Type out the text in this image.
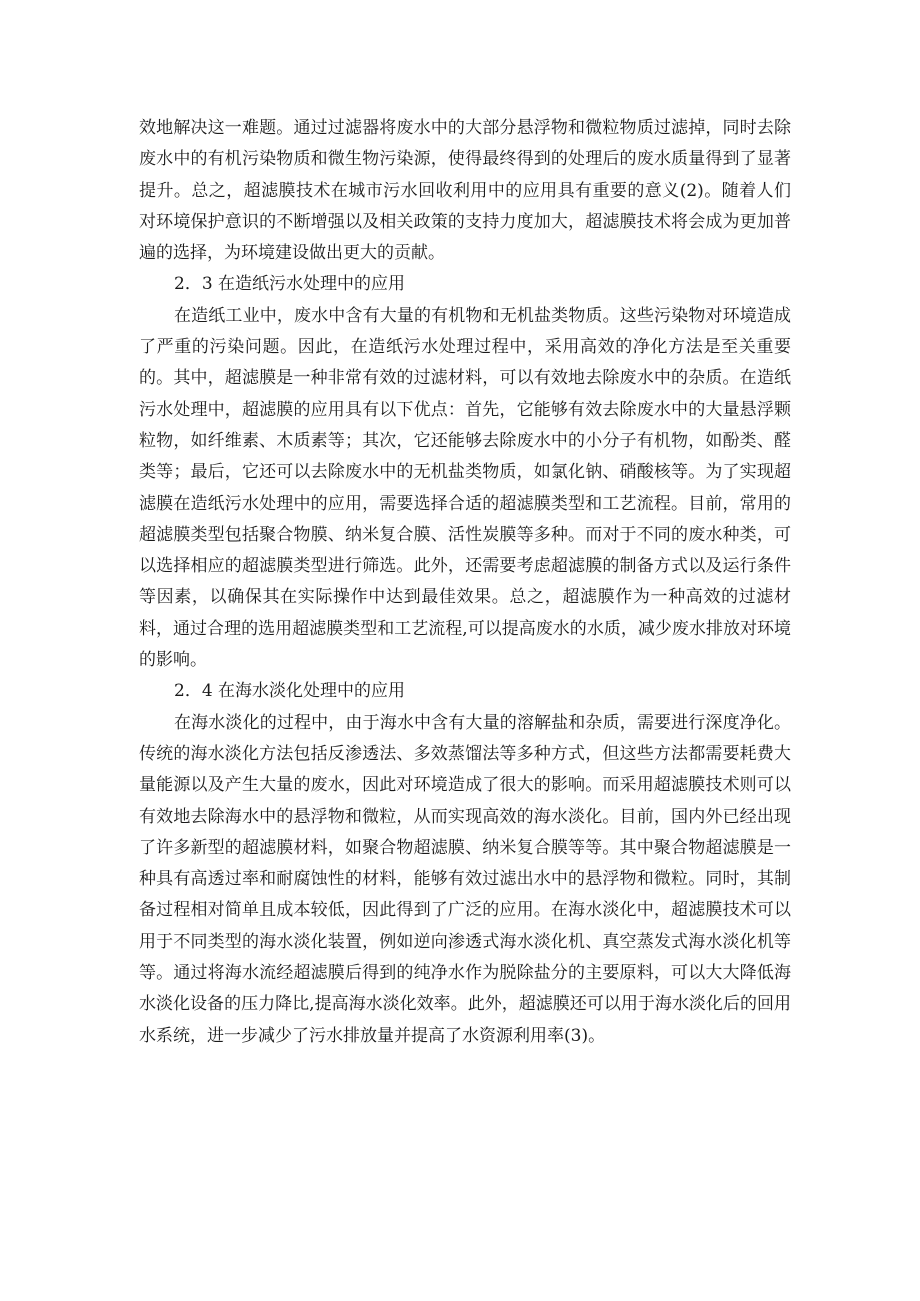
效地解决这一难题。通过过滤器将废水中的大部分悬浮物和微粒物质过滤掉，同时去除废水中的有机污染物质和微生物污染源，使得最终得到的处理后的废水质量得到了显著提升。总之，超滤膜技术在城市污水回收利用中的应用具有重要的意义(2)。随着人们对环境保护意识的不断增强以及相关政策的支持力度加大，超滤膜技术将会成为更加普遍的选择，为环境建设做出更大的贡献。

2．3 在造纸污水处理中的应用

在造纸工业中，废水中含有大量的有机物和无机盐类物质。这些污染物对环境造成了严重的污染问题。因此，在造纸污水处理过程中，采用高效的净化方法是至关重要的。其中，超滤膜是一种非常有效的过滤材料，可以有效地去除废水中的杂质。在造纸污水处理中，超滤膜的应用具有以下优点：首先，它能够有效去除废水中的大量悬浮颗粒物，如纤维素、木质素等；其次，它还能够去除废水中的小分子有机物，如酚类、醛类等；最后，它还可以去除废水中的无机盐类物质，如氯化钠、硝酸核等。为了实现超滤膜在造纸污水处理中的应用，需要选择合适的超滤膜类型和工艺流程。目前，常用的超滤膜类型包括聚合物膜、纳米复合膜、活性炭膜等多种。而对于不同的废水种类，可以选择相应的超滤膜类型进行筛选。此外，还需要考虑超滤膜的制备方式以及运行条件等因素，以确保其在实际操作中达到最佳效果。总之，超滤膜作为一种高效的过滤材料，通过合理的选用超滤膜类型和工艺流程,可以提高废水的水质，减少废水排放对环境的影响。

2．4 在海水淡化处理中的应用

在海水淡化的过程中，由于海水中含有大量的溶解盐和杂质，需要进行深度净化。传统的海水淡化方法包括反渗透法、多效蒸馏法等多种方式，但这些方法都需要耗费大量能源以及产生大量的废水，因此对环境造成了很大的影响。而采用超滤膜技术则可以有效地去除海水中的悬浮物和微粒，从而实现高效的海水淡化。目前，国内外已经出现了许多新型的超滤膜材料，如聚合物超滤膜、纳米复合膜等等。其中聚合物超滤膜是一种具有高透过率和耐腐蚀性的材料，能够有效过滤出水中的悬浮物和微粒。同时，其制备过程相对简单且成本较低，因此得到了广泛的应用。在海水淡化中，超滤膜技术可以用于不同类型的海水淡化装置，例如逆向渗透式海水淡化机、真空蒸发式海水淡化机等等。通过将海水流经超滤膜后得到的纯净水作为脱除盐分的主要原料，可以大大降低海水淡化设备的压力降比,提高海水淡化效率。此外，超滤膜还可以用于海水淡化后的回用水系统，进一步减少了污水排放量并提高了水资源利用率(3)。
